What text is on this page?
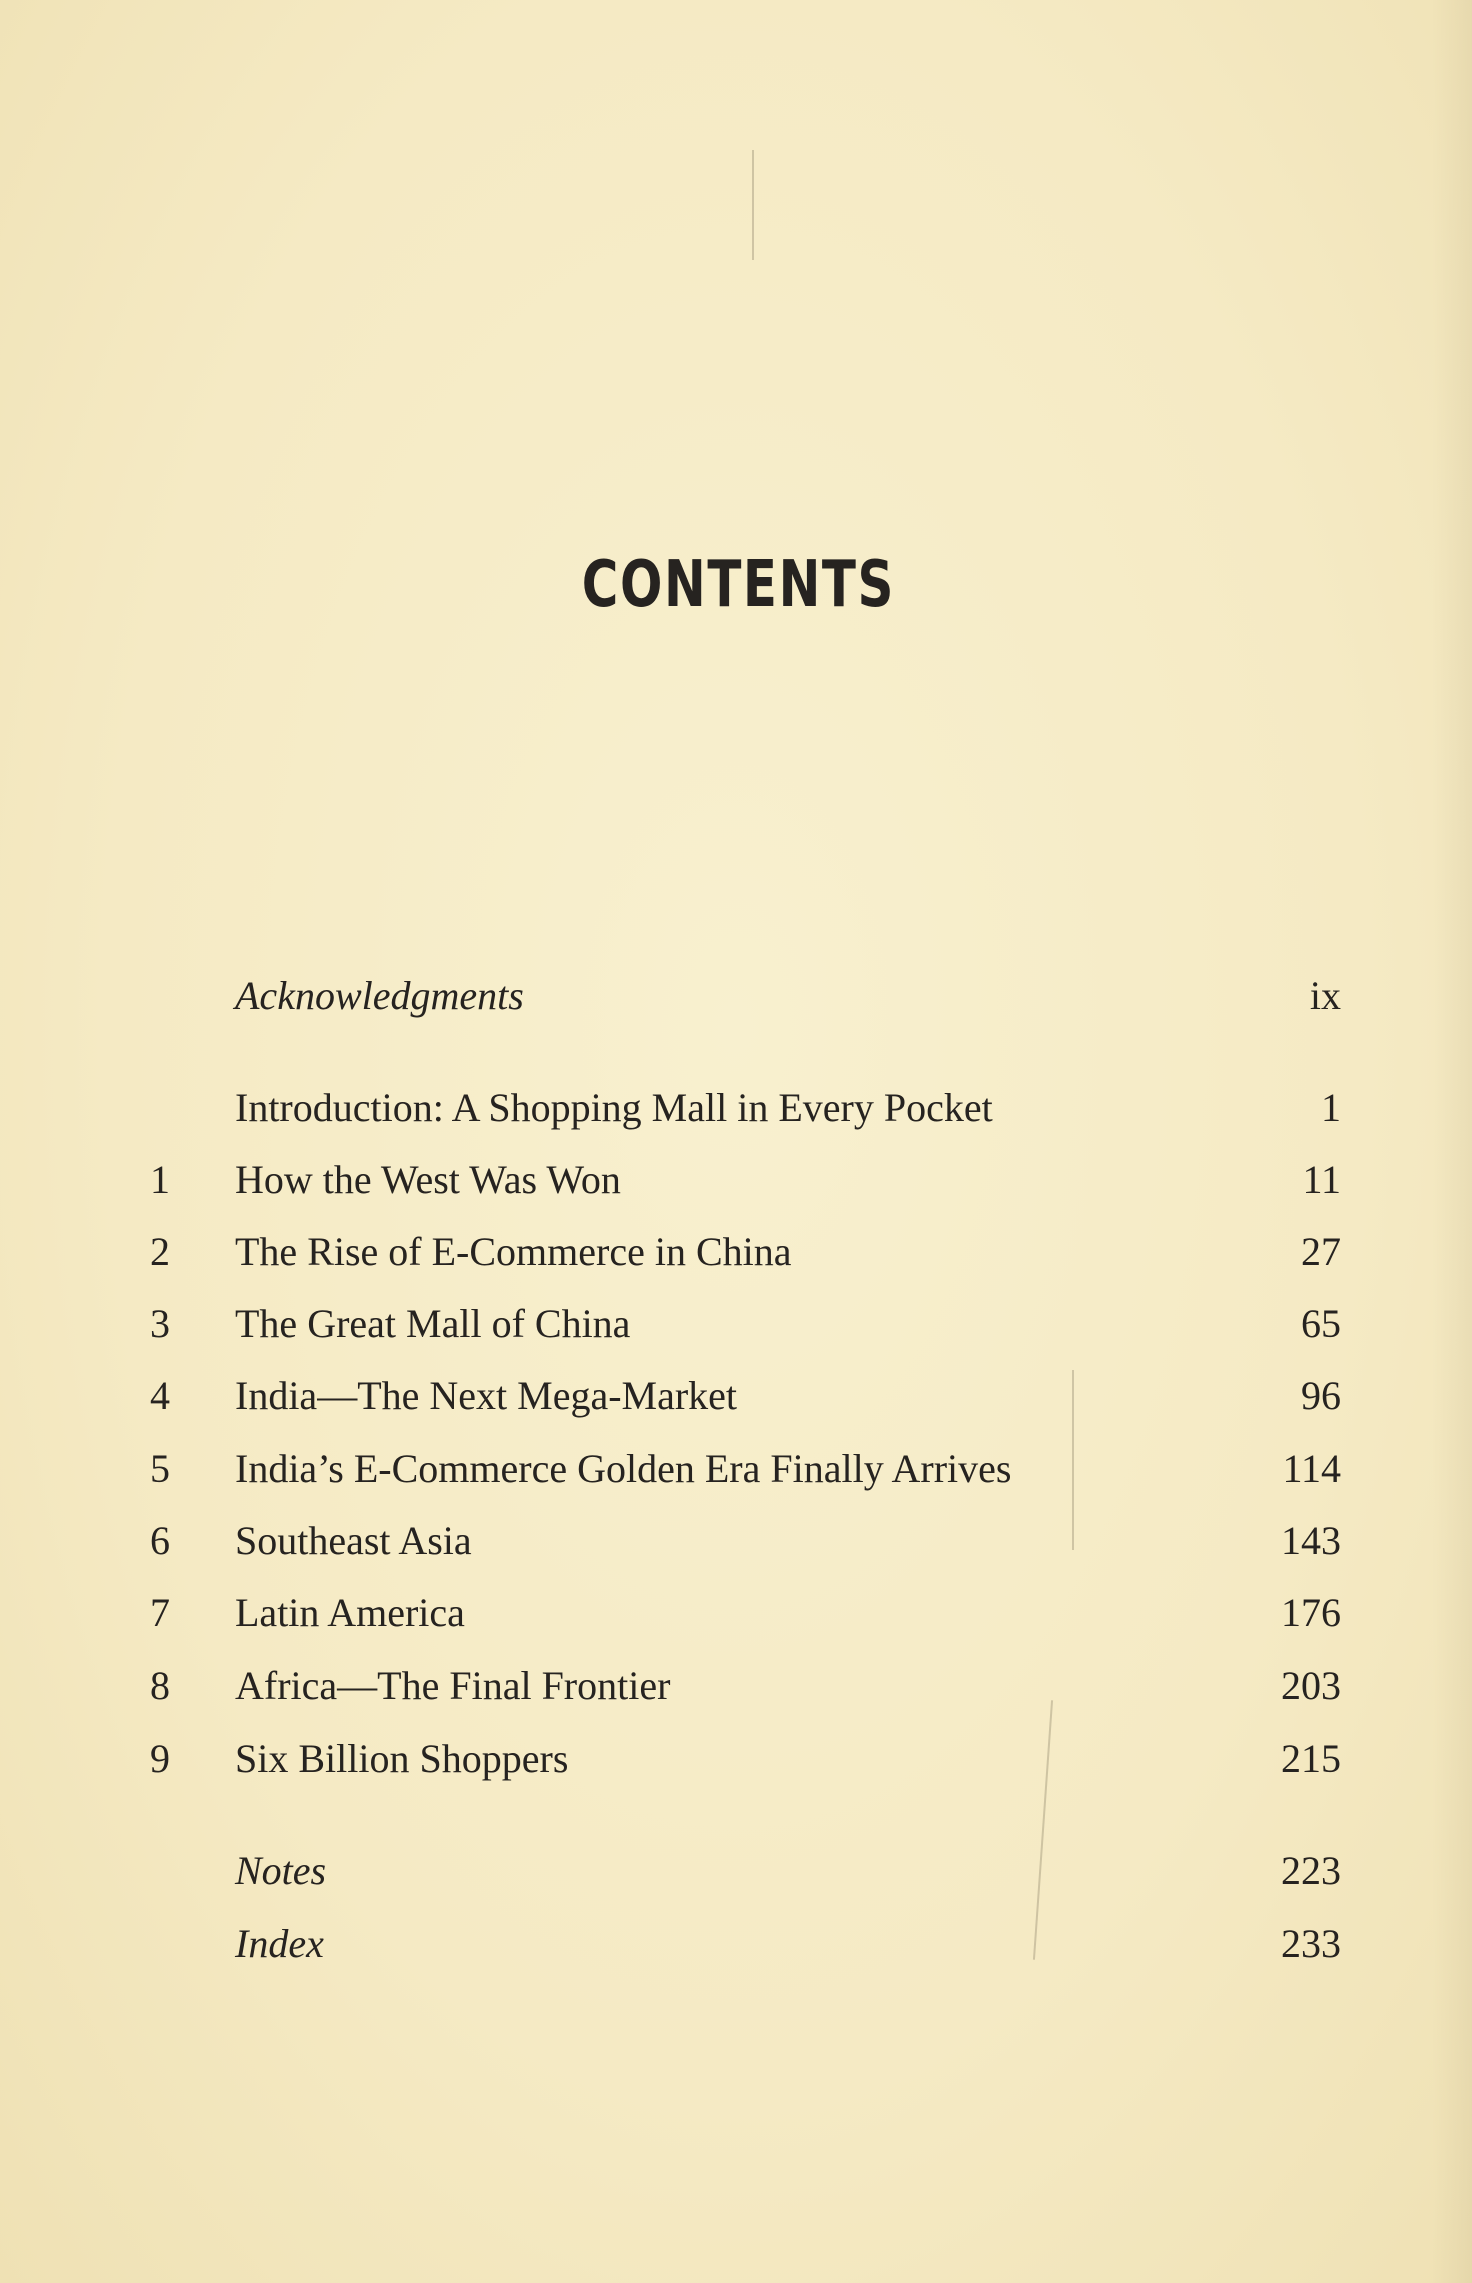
CONTENTS
Acknowledgments	ix
Introduction: A Shopping Mall in Every Pocket	1
1 How the West Was Won	11
2 The Rise of E-Commerce in China	27
3 The Great Mall of China	65
4 India—The Next Mega-Market	96
5 India’s E-Commerce Golden Era Finally Arrives	114
6 Southeast Asia	143
7 Latin America	176
8 Africa—The Final Frontier	203
9 Six Billion Shoppers	215
Notes	223
Index	233
